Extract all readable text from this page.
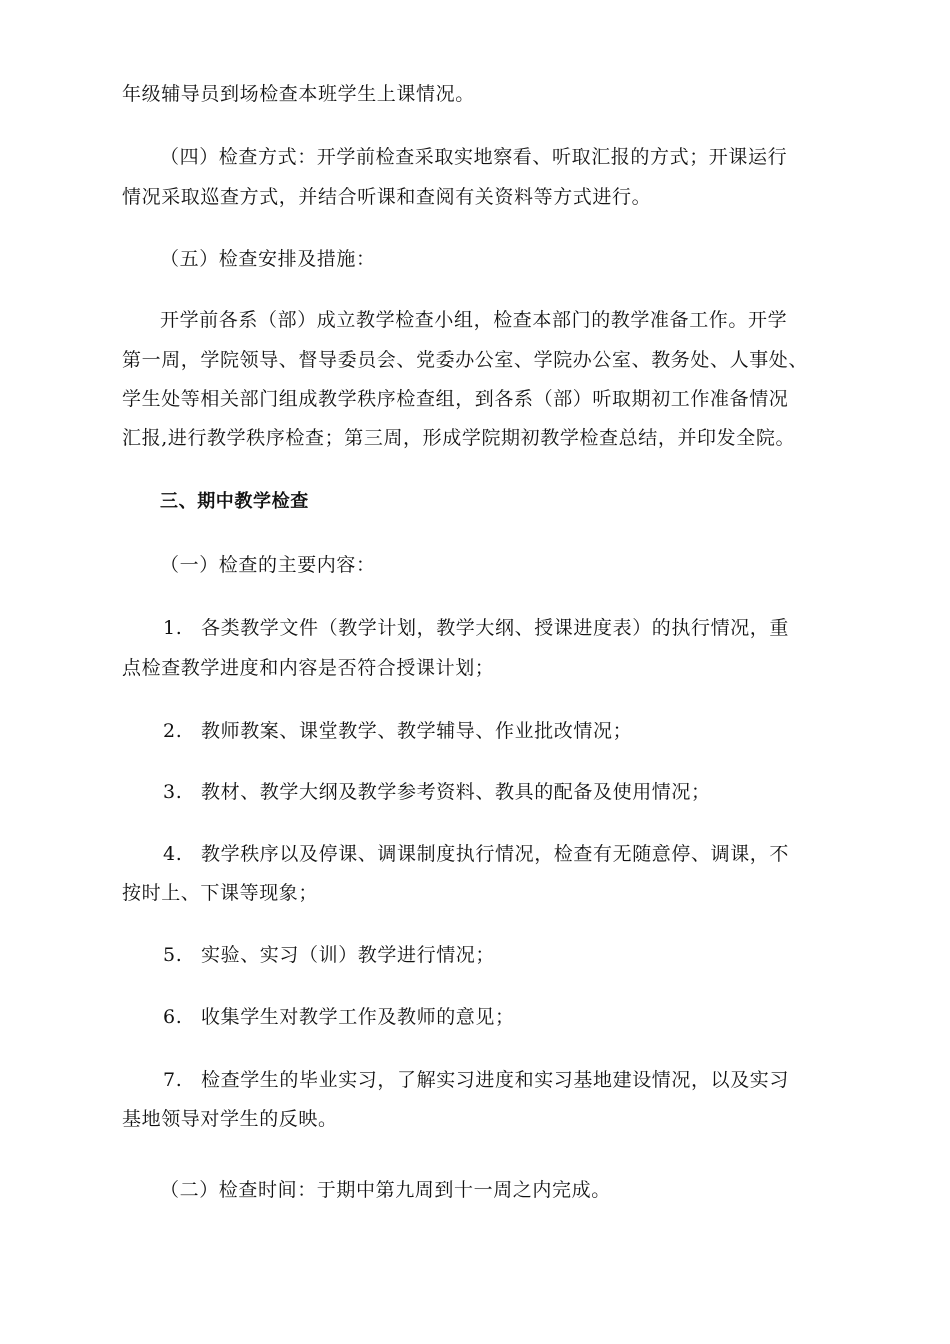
年级辅导员到场检查本班学生上课情况。
（四）检查方式：开学前检查采取实地察看、听取汇报的方式；开课运行
情况采取巡查方式，并结合听课和查阅有关资料等方式进行。
（五）检查安排及措施：
开学前各系（部）成立教学检查小组，检查本部门的教学准备工作。开学
第一周，学院领导、督导委员会、党委办公室、学院办公室、教务处、人事处、
学生处等相关部门组成教学秩序检查组，到各系（部）听取期初工作准备情况
汇报,进行教学秩序检查；第三周，形成学院期初教学检查总结，并印发全院。
三、期中教学检查
（一）检查的主要内容：
1. 各类教学文件（教学计划，教学大纲、授课进度表）的执行情况，重
点检查教学进度和内容是否符合授课计划；
2. 教师教案、课堂教学、教学辅导、作业批改情况；
3. 教材、教学大纲及教学参考资料、教具的配备及使用情况；
4. 教学秩序以及停课、调课制度执行情况，检查有无随意停、调课，不
按时上、下课等现象；
5. 实验、实习（训）教学进行情况；
6. 收集学生对教学工作及教师的意见；
7. 检查学生的毕业实习，了解实习进度和实习基地建设情况，以及实习
基地领导对学生的反映。
（二）检查时间：于期中第九周到十一周之内完成。
